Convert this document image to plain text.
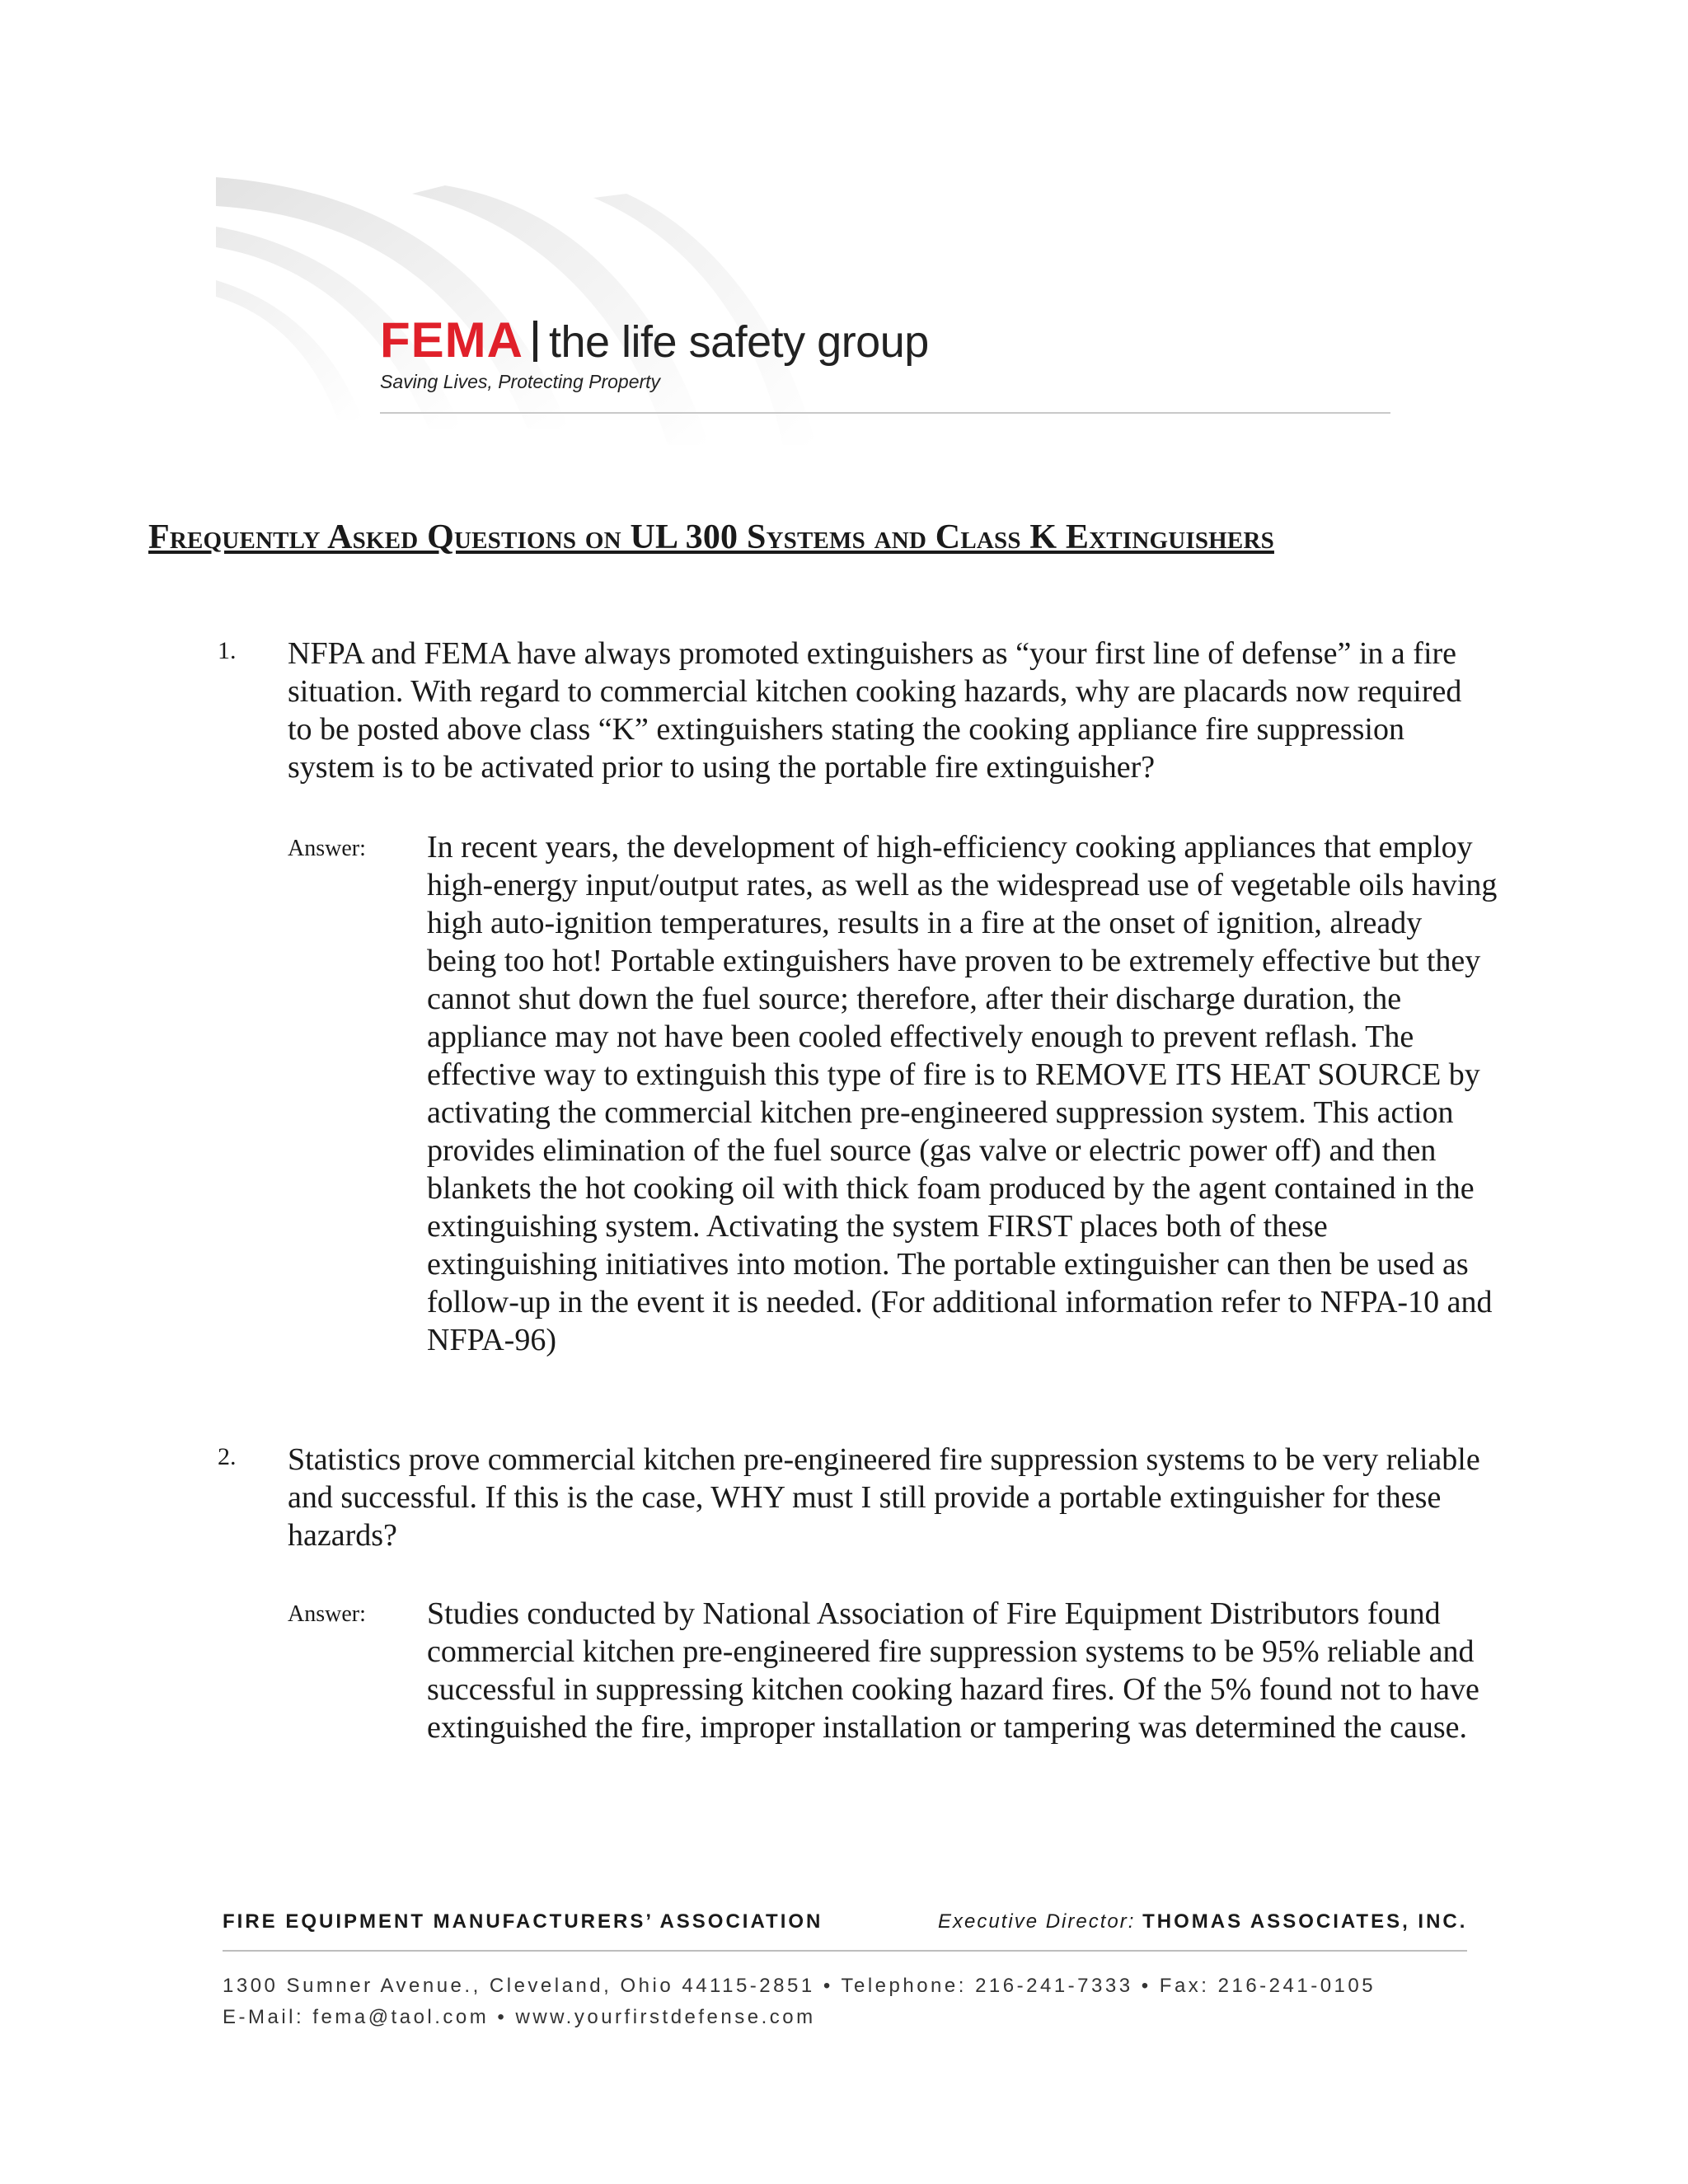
FEMA the life safety group
Saving Lives, Protecting Property
Frequently Asked Questions on UL 300 Systems and Class K Extinguishers
1. NFPA and FEMA have always promoted extinguishers as “your first line of defense” in a fire situation. With regard to commercial kitchen cooking hazards, why are placards now required to be posted above class “K” extinguishers stating the cooking appliance fire suppression system is to be activated prior to using the portable fire extinguisher?
Answer: In recent years, the development of high-efficiency cooking appliances that employ high-energy input/output rates, as well as the widespread use of vegetable oils having high auto-ignition temperatures, results in a fire at the onset of ignition, already being too hot! Portable extinguishers have proven to be extremely effective but they cannot shut down the fuel source; therefore, after their discharge duration, the appliance may not have been cooled effectively enough to prevent reflash. The effective way to extinguish this type of fire is to REMOVE ITS HEAT SOURCE by activating the commercial kitchen pre-engineered suppression system. This action provides elimination of the fuel source (gas valve or electric power off) and then blankets the hot cooking oil with thick foam produced by the agent contained in the extinguishing system. Activating the system FIRST places both of these extinguishing initiatives into motion. The portable extinguisher can then be used as follow-up in the event it is needed. (For additional information refer to NFPA-10 and NFPA-96)
2. Statistics prove commercial kitchen pre-engineered fire suppression systems to be very reliable and successful. If this is the case, WHY must I still provide a portable extinguisher for these hazards?
Answer: Studies conducted by National Association of Fire Equipment Distributors found commercial kitchen pre-engineered fire suppression systems to be 95% reliable and successful in suppressing kitchen cooking hazard fires. Of the 5% found not to have extinguished the fire, improper installation or tampering was determined the cause.
FIRE EQUIPMENT MANUFACTURERS’ ASSOCIATION	Executive Director: THOMAS ASSOCIATES, INC.
1300 Sumner Avenue., Cleveland, Ohio 44115-2851 • Telephone: 216-241-7333 • Fax: 216-241-0105
E-Mail: fema@taol.com • www.yourfirstdefense.com
